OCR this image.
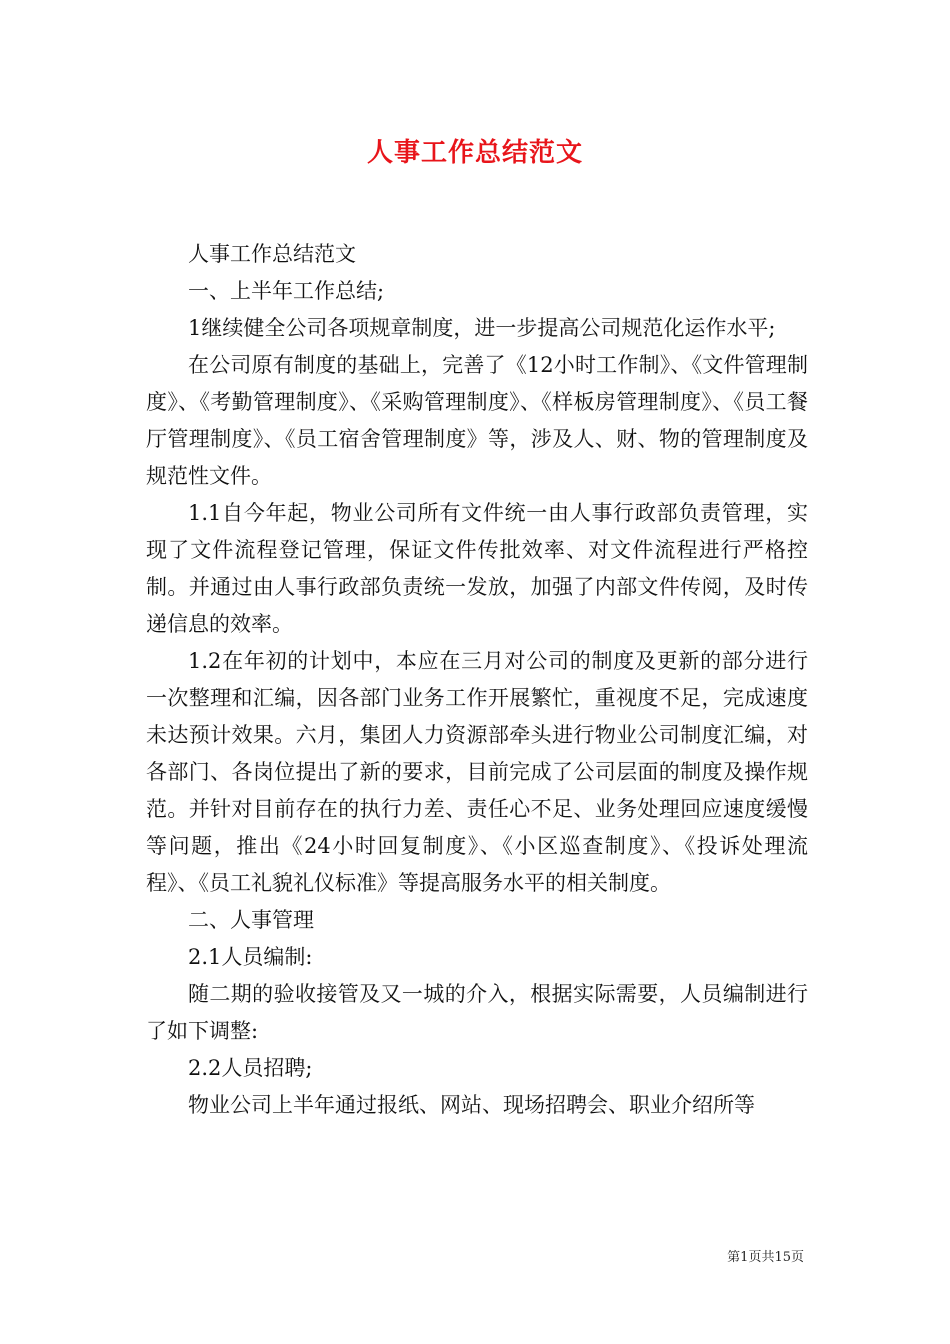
人事工作总结范文

人事工作总结范文

一、上半年工作总结;

1继续健全公司各项规章制度，进一步提高公司规范化运作水平;

在公司原有制度的基础上，完善了《12小时工作制》、《文件管理制度》、《考勤管理制度》、《采购管理制度》、《样板房管理制度》、《员工餐厅管理制度》、《员工宿舍管理制度》等，涉及人、财、物的管理制度及规范性文件。

1.1自今年起，物业公司所有文件统一由人事行政部负责管理，实现了文件流程登记管理，保证文件传批效率、对文件流程进行严格控制。并通过由人事行政部负责统一发放，加强了内部文件传阅，及时传递信息的效率。

1.2在年初的计划中，本应在三月对公司的制度及更新的部分进行一次整理和汇编，因各部门业务工作开展繁忙，重视度不足，完成速度未达预计效果。六月，集团人力资源部牵头进行物业公司制度汇编，对各部门、各岗位提出了新的要求，目前完成了公司层面的制度及操作规范。并针对目前存在的执行力差、责任心不足、业务处理回应速度缓慢等问题，推出《24小时回复制度》、《小区巡查制度》、《投诉处理流程》、《员工礼貌礼仪标准》等提高服务水平的相关制度。

二、人事管理

2.1人员编制:

随二期的验收接管及又一城的介入，根据实际需要，人员编制进行了如下调整:

2.2人员招聘;

物业公司上半年通过报纸、网站、现场招聘会、职业介绍所等

第1页共15页
